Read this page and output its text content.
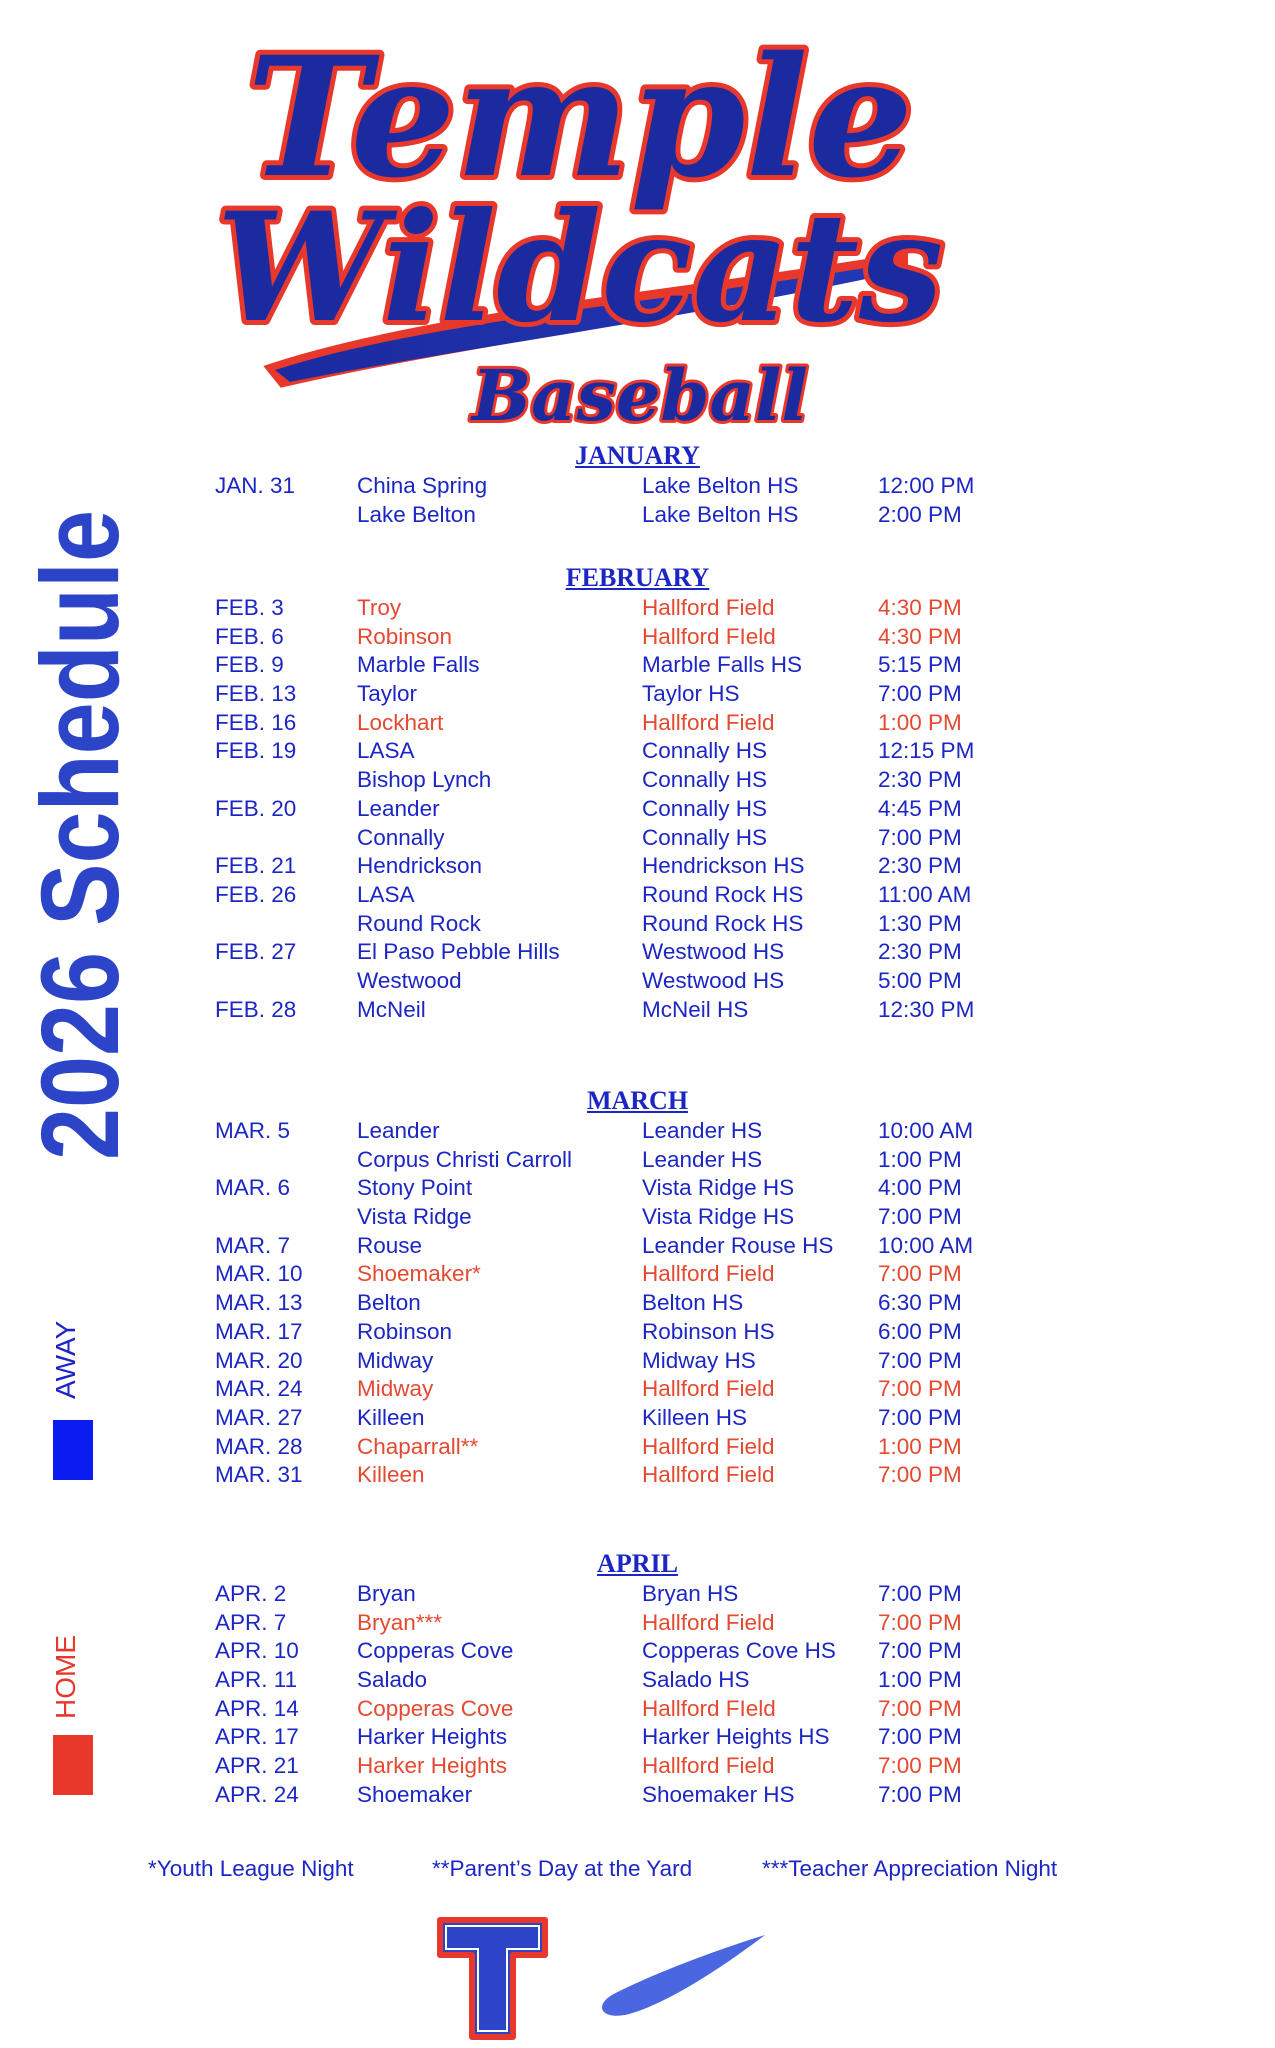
Temple
Wildcats
Baseball
2026 Schedule
AWAY
HOME
JANUARY
JAN. 31	China Spring	Lake Belton HS	12:00 PM
Lake Belton	Lake Belton HS	2:00 PM
FEBRUARY
FEB. 3	Troy	Hallford Field	4:30 PM
FEB. 6	Robinson	Hallford FIeld	4:30 PM
FEB. 9	Marble Falls	Marble Falls HS	5:15 PM
FEB. 13	Taylor	Taylor HS	7:00 PM
FEB. 16	Lockhart	Hallford Field	1:00 PM
FEB. 19	LASA	Connally HS	12:15 PM
Bishop Lynch	Connally HS	2:30 PM
FEB. 20	Leander	Connally HS	4:45 PM
Connally	Connally HS	7:00 PM
FEB. 21	Hendrickson	Hendrickson HS	2:30 PM
FEB. 26	LASA	Round Rock HS	11:00 AM
Round Rock	Round Rock HS	1:30 PM
FEB. 27	El Paso Pebble Hills	Westwood HS	2:30 PM
Westwood	Westwood HS	5:00 PM
FEB. 28	McNeil	McNeil HS	12:30 PM
MARCH
MAR. 5	Leander	Leander HS	10:00 AM
Corpus Christi Carroll	Leander HS	1:00 PM
MAR. 6	Stony Point	Vista Ridge HS	4:00 PM
Vista Ridge	Vista Ridge HS	7:00 PM
MAR. 7	Rouse	Leander Rouse HS 10:00 AM
MAR. 10 Shoemaker*	Hallford Field	7:00 PM
MAR. 13 Belton	Belton HS	6:30 PM
MAR. 17 Robinson	Robinson HS	6:00 PM
MAR. 20 Midway	Midway HS	7:00 PM
MAR. 24 Midway	Hallford Field	7:00 PM
MAR. 27 Killeen	Killeen HS	7:00 PM
MAR. 28 Chaparrall**	Hallford Field	1:00 PM
MAR. 31 Killeen	Hallford Field	7:00 PM
APRIL
APR. 2	Bryan	Bryan HS	7:00 PM
APR. 7	Bryan***	Hallford Field	7:00 PM
APR. 10	Copperas Cove	Copperas Cove HS 7:00 PM
APR. 11	Salado	Salado HS	1:00 PM
APR. 14	Copperas Cove	Hallford FIeld	7:00 PM
APR. 17	Harker Heights	Harker Heights HS 7:00 PM
APR. 21	Harker Heights	Hallford Field	7:00 PM
APR. 24	Shoemaker	Shoemaker HS	7:00 PM
*Youth League Night	**Parent’s Day at the Yard	***Teacher Appreciation Night
T
